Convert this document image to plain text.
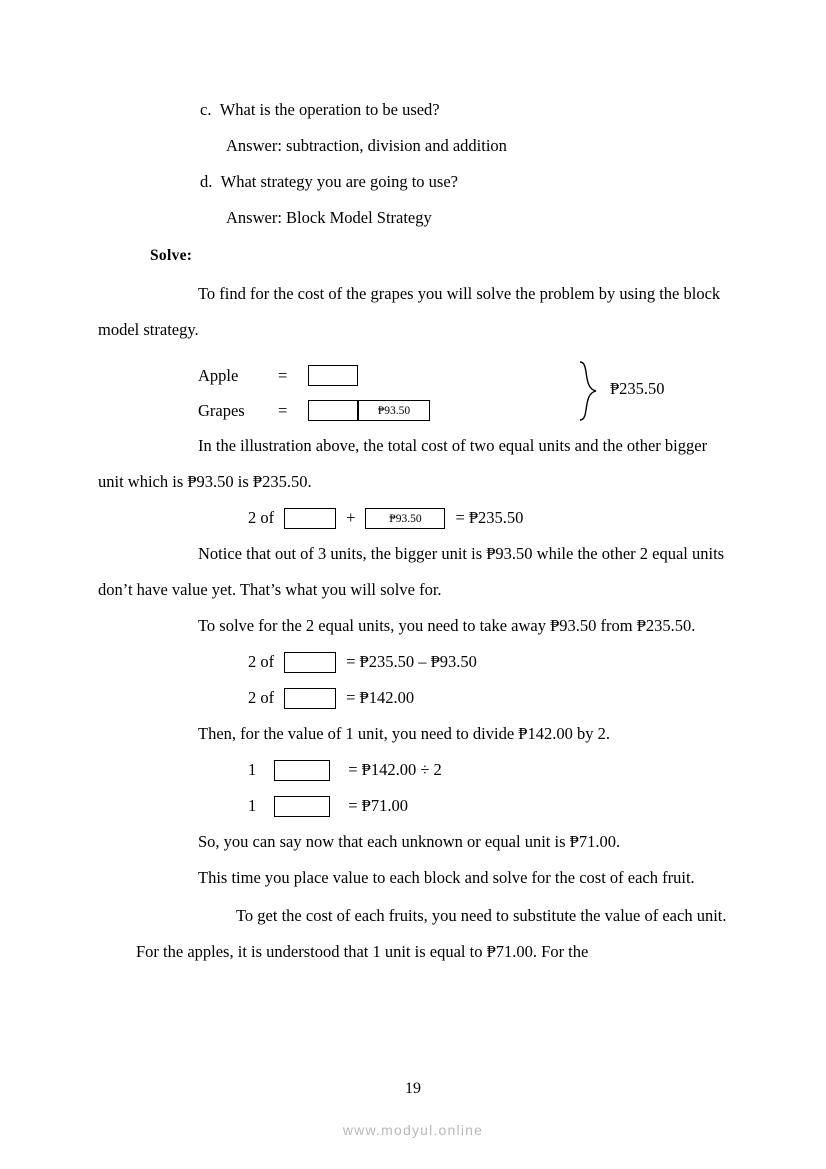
c. What is the operation to be used?
Answer: subtraction, division and addition
d. What strategy you are going to use?
Answer: Block Model Strategy
Solve:
To find for the cost of the grapes you will solve the problem by using the block model strategy.
Apple	=
Grapes	=	₱93.50
₱235.50
In the illustration above, the total cost of two equal units and the other bigger unit which is ₱93.50 is ₱235.50.
2 of	+	₱93.50	= ₱235.50
Notice that out of 3 units, the bigger unit is ₱93.50 while the other 2 equal units don’t have value yet. That’s what you will solve for.
To solve for the 2 equal units, you need to take away ₱93.50 from ₱235.50.
2 of	= ₱235.50 – ₱93.50
2 of	= ₱142.00
Then, for the value of 1 unit, you need to divide ₱142.00 by 2.
1	= ₱142.00 ÷ 2
1	= ₱71.00
So, you can say now that each unknown or equal unit is ₱71.00.
This time you place value to each block and solve for the cost of each fruit.
To get the cost of each fruits, you need to substitute the value of each unit. For the apples, it is understood that 1 unit is equal to ₱71.00. For the
19
www.modyul.online
